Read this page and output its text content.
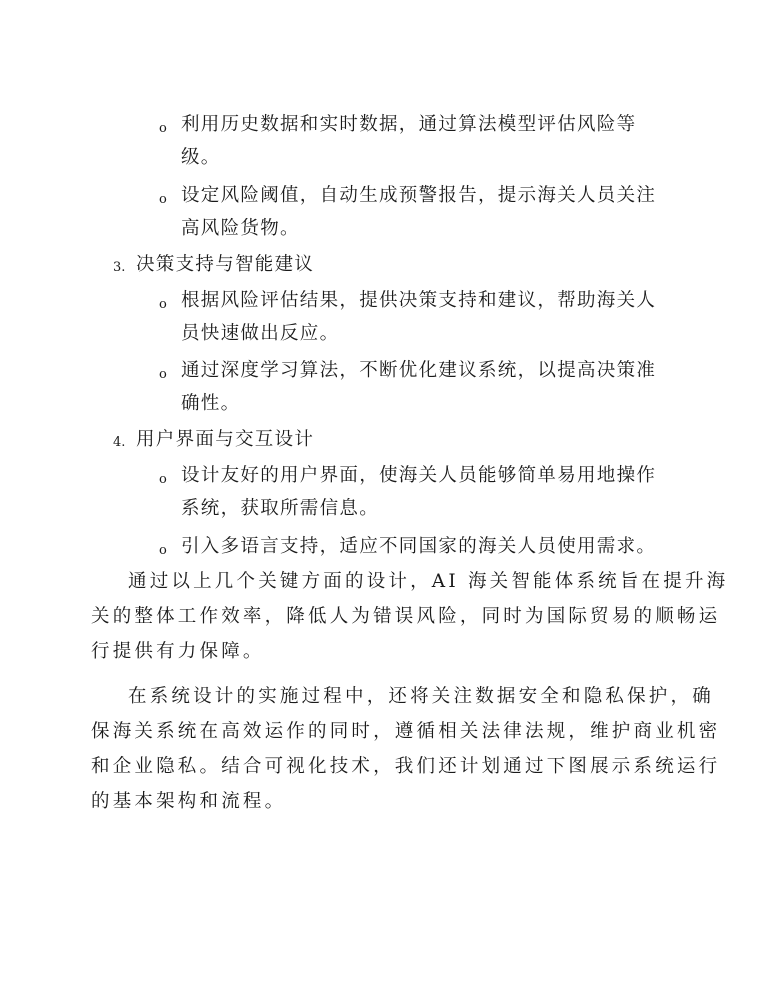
o 利用历史数据和实时数据，通过算法模型评估风险等
级。
o 设定风险阈值，自动生成预警报告，提示海关人员关注
高风险货物。
3. 决策支持与智能建议
o 根据风险评估结果，提供决策支持和建议，帮助海关人
员快速做出反应。
o 通过深度学习算法，不断优化建议系统，以提高决策准
确性。
4. 用户界面与交互设计
o 设计友好的用户界面，使海关人员能够简单易用地操作
系统，获取所需信息。
o 引入多语言支持，适应不同国家的海关人员使用需求。
通过以上几个关键方面的设计，AI 海关智能体系统旨在提升海
关的整体工作效率，降低人为错误风险，同时为国际贸易的顺畅运
行提供有力保障。
在系统设计的实施过程中，还将关注数据安全和隐私保护，确
保海关系统在高效运作的同时，遵循相关法律法规，维护商业机密
和企业隐私。结合可视化技术，我们还计划通过下图展示系统运行
的基本架构和流程。
